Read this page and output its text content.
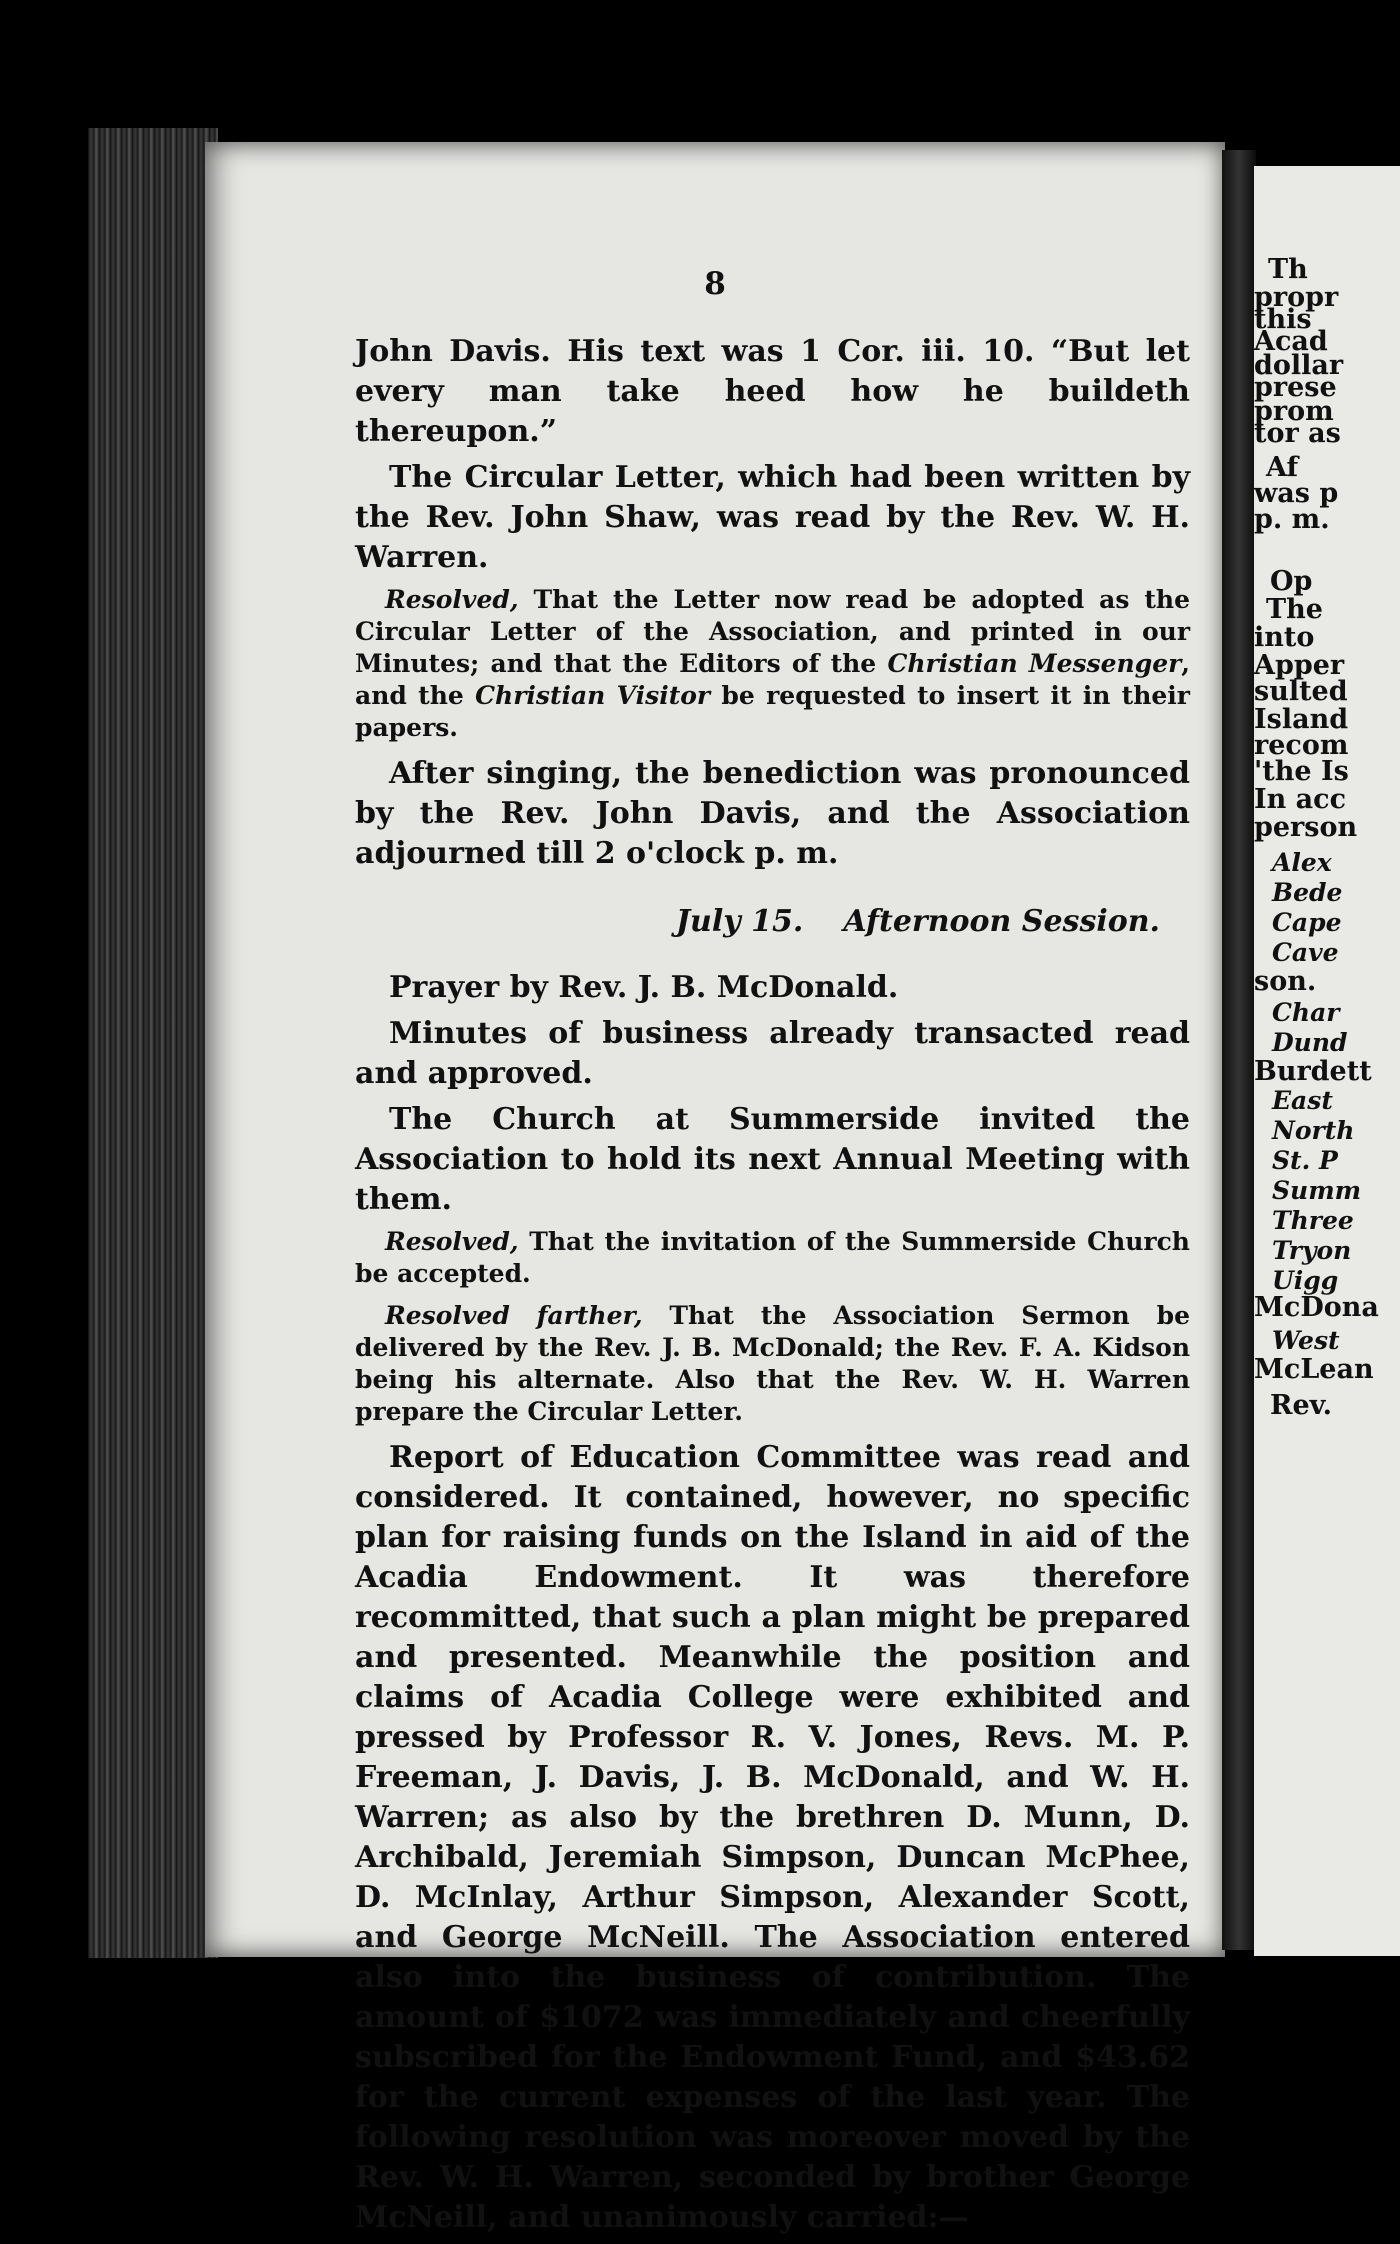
8

John Davis. His text was 1 Cor. iii. 10. “But let every man take heed how he buildeth thereupon.”

The Circular Letter, which had been written by the Rev. John Shaw, was read by the Rev. W. H. Warren.

Resolved, That the Letter now read be adopted as the Circular Letter of the Association, and printed in our Minutes; and that the Editors of the Christian Messenger, and the Christian Visitor be requested to insert it in their papers.

After singing, the benediction was pronounced by the Rev. John Davis, and the Association adjourned till 2 o'clock p. m.

July 15. Afternoon Session.

Prayer by Rev. J. B. McDonald.

Minutes of business already transacted read and approved.

The Church at Summerside invited the Association to hold its next Annual Meeting with them.

Resolved, That the invitation of the Summerside Church be accepted.

Resolved farther, That the Association Sermon be delivered by the Rev. J. B. McDonald; the Rev. F. A. Kidson being his alternate. Also that the Rev. W. H. Warren prepare the Circular Letter.

Report of Education Committee was read and considered. It contained, however, no specific plan for raising funds on the Island in aid of the Acadia Endowment. It was therefore recommitted, that such a plan might be prepared and presented. Meanwhile the position and claims of Acadia College were exhibited and pressed by Professor R. V. Jones, Revs. M. P. Freeman, J. Davis, J. B. McDonald, and W. H. Warren; as also by the brethren D. Munn, D. Archibald, Jeremiah Simpson, Duncan McPhee, D. McInlay, Arthur Simpson, Alexander Scott, and George McNeill. The Association entered also into the business of contribution. The amount of $1072 was immediately and cheerfully subscribed for the Endowment Fund, and $43.62 for the current expenses of the last year. The following resolution was moreover moved by the Rev. W. H. Warren, seconded by brother George McNeill, and unanimously carried:—

Th
propr
this
Acad
dollar
prese
prom
tor as
Af
was p
p. m.
Op
The
into
Apper
sulted
Island
recom
'the Is
In acc
person
Alex
Bede
Cape
Cave
son.
Char
Dund
Burdett
East
North
St. P
Summ
Three
Tryon
Uigg
McDona
West
McLean
Rev.
